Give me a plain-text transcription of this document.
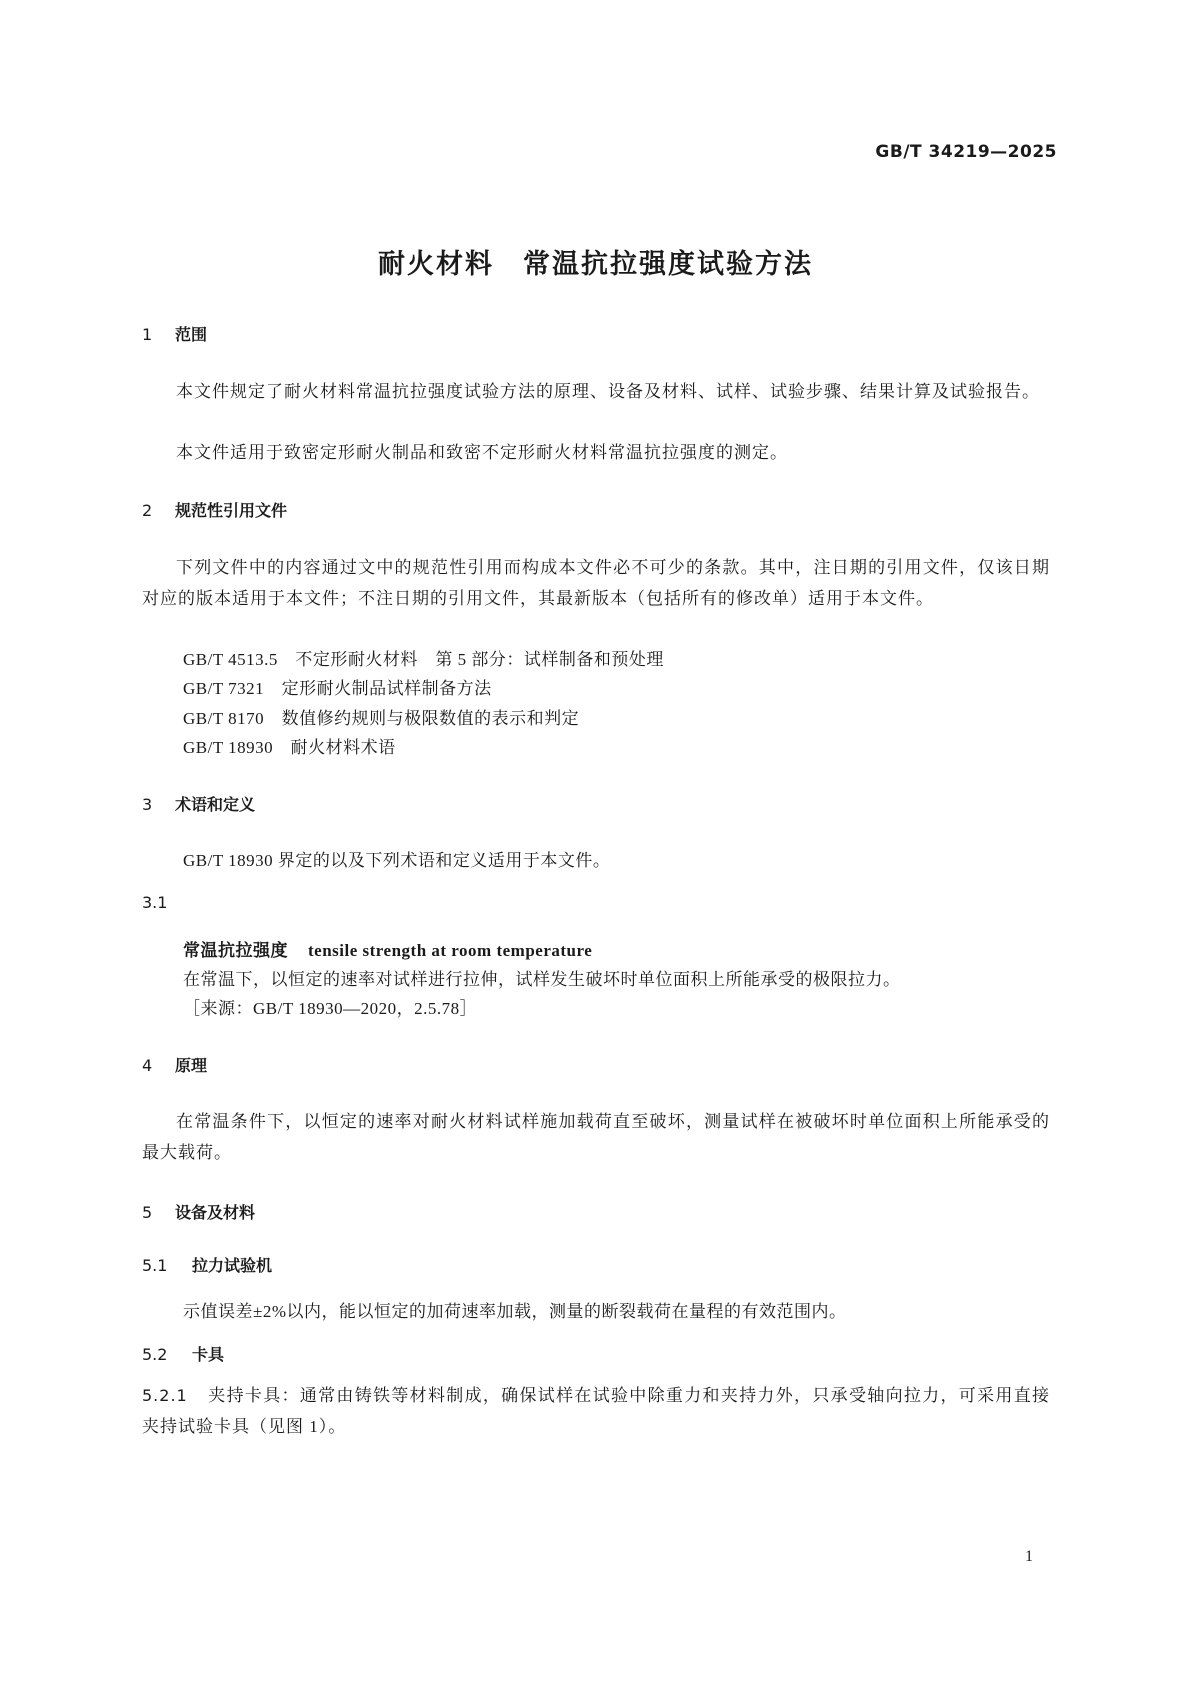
GB/T 34219—2025
耐火材料　常温抗拉强度试验方法
1 范围
本文件规定了耐火材料常温抗拉强度试验方法的原理、设备及材料、试样、试验步骤、结果计算及试验报告。
本文件适用于致密定形耐火制品和致密不定形耐火材料常温抗拉强度的测定。
2 规范性引用文件
下列文件中的内容通过文中的规范性引用而构成本文件必不可少的条款。其中，注日期的引用文件，仅该日期对应的版本适用于本文件；不注日期的引用文件，其最新版本（包括所有的修改单）适用于本文件。
GB/T 4513.5　 不定形耐火材料　第 5 部分：试样制备和预处理
GB/T 7321　 定形耐火制品试样制备方法
GB/T 8170　 数值修约规则与极限数值的表示和判定
GB/T 18930　 耐火材料术语
3 术语和定义
GB/T 18930 界定的以及下列术语和定义适用于本文件。
3.1
常温抗拉强度 tensile strength at room temperature
在常温下，以恒定的速率对试样进行拉伸，试样发生破坏时单位面积上所能承受的极限拉力。
［来源：GB/T 18930—2020，2.5.78］
4 原理
在常温条件下，以恒定的速率对耐火材料试样施加载荷直至破坏，测量试样在被破坏时单位面积上所能承受的最大载荷。
5 设备及材料
5.1 拉力试验机
示值误差±2%以内，能以恒定的加荷速率加载，测量的断裂载荷在量程的有效范围内。
5.2 卡具
5.2.1 夹持卡具：通常由铸铁等材料制成，确保试样在试验中除重力和夹持力外，只承受轴向拉力，可采用直接夹持试验卡具（见图 1）。
1
